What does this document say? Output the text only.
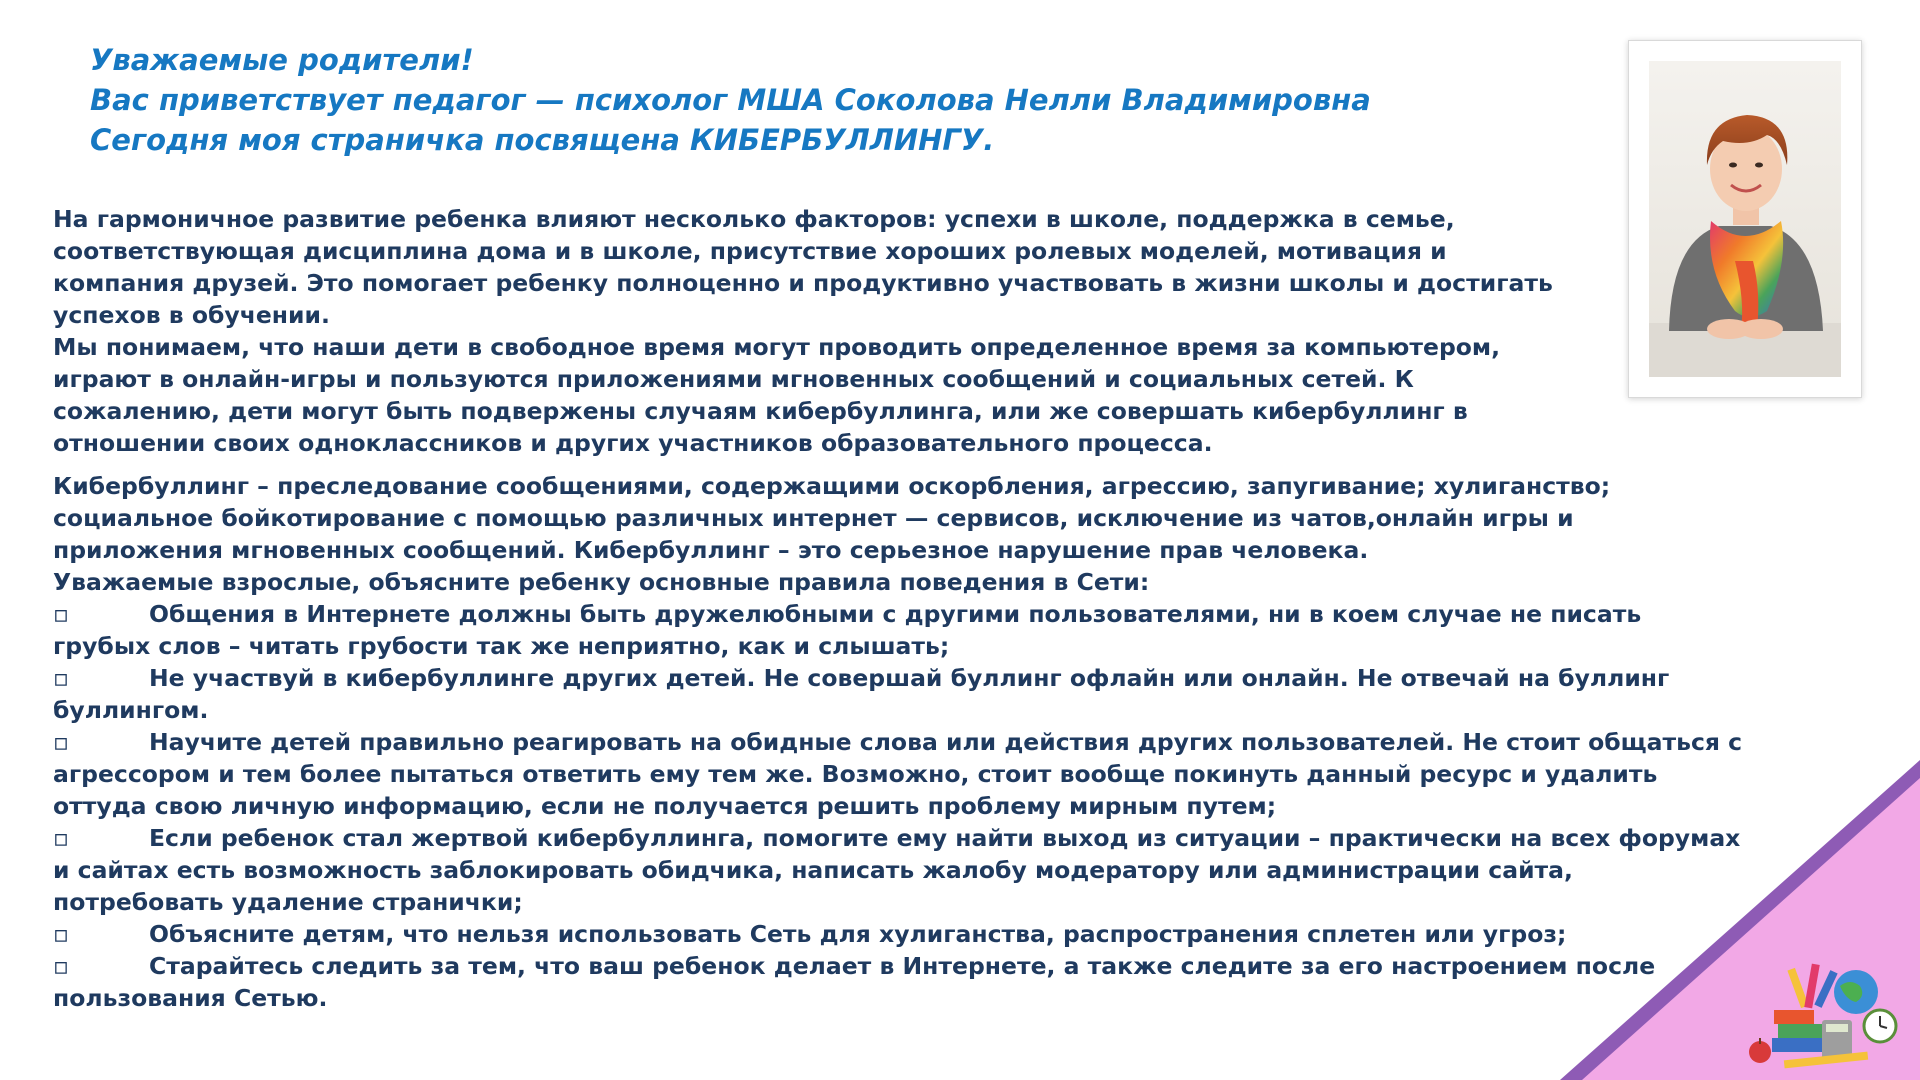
Уважаемые родители!
Вас приветствует педагог — психолог МША Соколова Нелли Владимировна
Сегодня моя страничка посвящена КИБЕРБУЛЛИНГУ.

На гармоничное развитие ребенка влияют несколько факторов: успехи в школе, поддержка в семье, соответствующая дисциплина дома и в школе, присутствие хороших ролевых моделей, мотивация и компания друзей. Это помогает ребенку полноценно и продуктивно участвовать в жизни школы и достигать успехов в обучении.

Мы понимаем, что наши дети в свободное время могут проводить определенное время за компьютером, играют в онлайн-игры и пользуются приложениями мгновенных сообщений и социальных сетей. К сожалению, дети могут быть подвержены случаям кибербуллинга, или же совершать кибербуллинг в отношении своих одноклассников и других участников образовательного процесса.

Кибербуллинг – преследование сообщениями, содержащими оскорбления, агрессию, запугивание; хулиганство; социальное бойкотирование с помощью различных интернет — сервисов, исключение из чатов,онлайн игры и приложения мгновенных сообщений. Кибербуллинг – это серьезное нарушение прав человека.

Уважаемые взрослые, объясните ребенку основные правила поведения в Сети:

▫	Общения в Интернете должны быть дружелюбными с другими пользователями, ни в коем случае не писать грубых слов – читать грубости так же неприятно, как и слышать;
▫	Не участвуй в кибербуллинге других детей. Не совершай буллинг офлайн или онлайн. Не отвечай на буллинг буллингом.
▫	Научите детей правильно реагировать на обидные слова или действия других пользователей. Не стоит общаться с агрессором и тем более пытаться ответить ему тем же. Возможно, стоит вообще покинуть данный ресурс и удалить оттуда свою личную информацию, если не получается решить проблему мирным путем;
▫	Если ребенок стал жертвой кибербуллинга, помогите ему найти выход из ситуации – практически на всех форумах и сайтах есть возможность заблокировать обидчика, написать жалобу модератору или администрации сайта, потребовать удаление странички;
▫	Объясните детям, что нельзя использовать Сеть для хулиганства, распространения сплетен или угроз;
▫	Старайтесь следить за тем, что ваш ребенок делает в Интернете, а также следите за его настроением после пользования Сетью.
